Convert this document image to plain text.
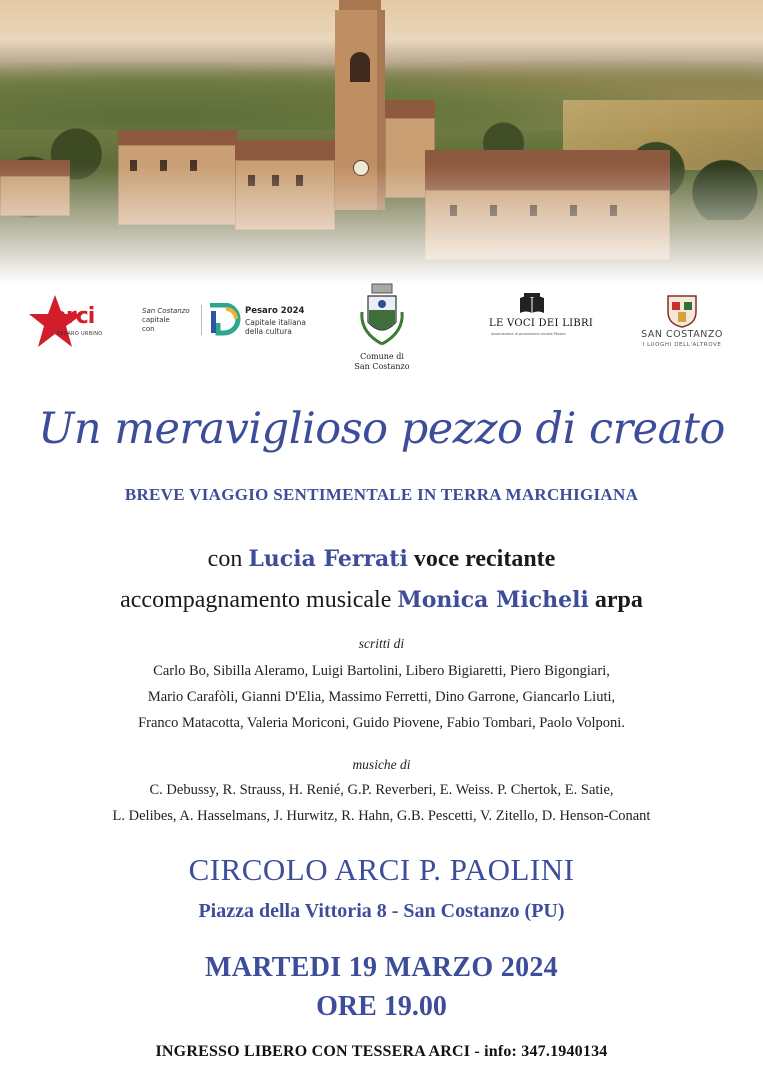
arci
PESARO URBINO
San Costanzo
capitale
con
Pesaro 2024
Capitale italiana
della cultura
Comune di
San Costanzo
LE VOCI DEI LIBRI
Associazione di promozione sociale Pesaro	SAN COSTANZO
I LUOGHI DELL'ALTROVE
Un meraviglioso pezzo di creato
BREVE VIAGGIO SENTIMENTALE IN TERRA MARCHIGIANA
con Lucia Ferrati voce recitante
accompagnamento musicale Monica Micheli arpa
scritti di
Carlo Bo, Sibilla Aleramo, Luigi Bartolini, Libero Bigiaretti, Piero Bigongiari,
Mario Carafòli, Gianni D'Elia, Massimo Ferretti, Dino Garrone, Giancarlo Liuti,
Franco Matacotta, Valeria Moriconi, Guido Piovene, Fabio Tombari, Paolo Volponi.
musiche di
C. Debussy, R. Strauss, H. Renié, G.P. Reverberi, E. Weiss. P. Chertok, E. Satie,
L. Delibes, A. Hasselmans, J. Hurwitz, R. Hahn, G.B. Pescetti, V. Zitello, D. Henson-Conant
CIRCOLO ARCI P. PAOLINI
Piazza della Vittoria 8 - San Costanzo (PU)
MARTEDI 19 MARZO 2024
ORE 19.00
INGRESSO LIBERO CON TESSERA ARCI - info: 347.1940134
